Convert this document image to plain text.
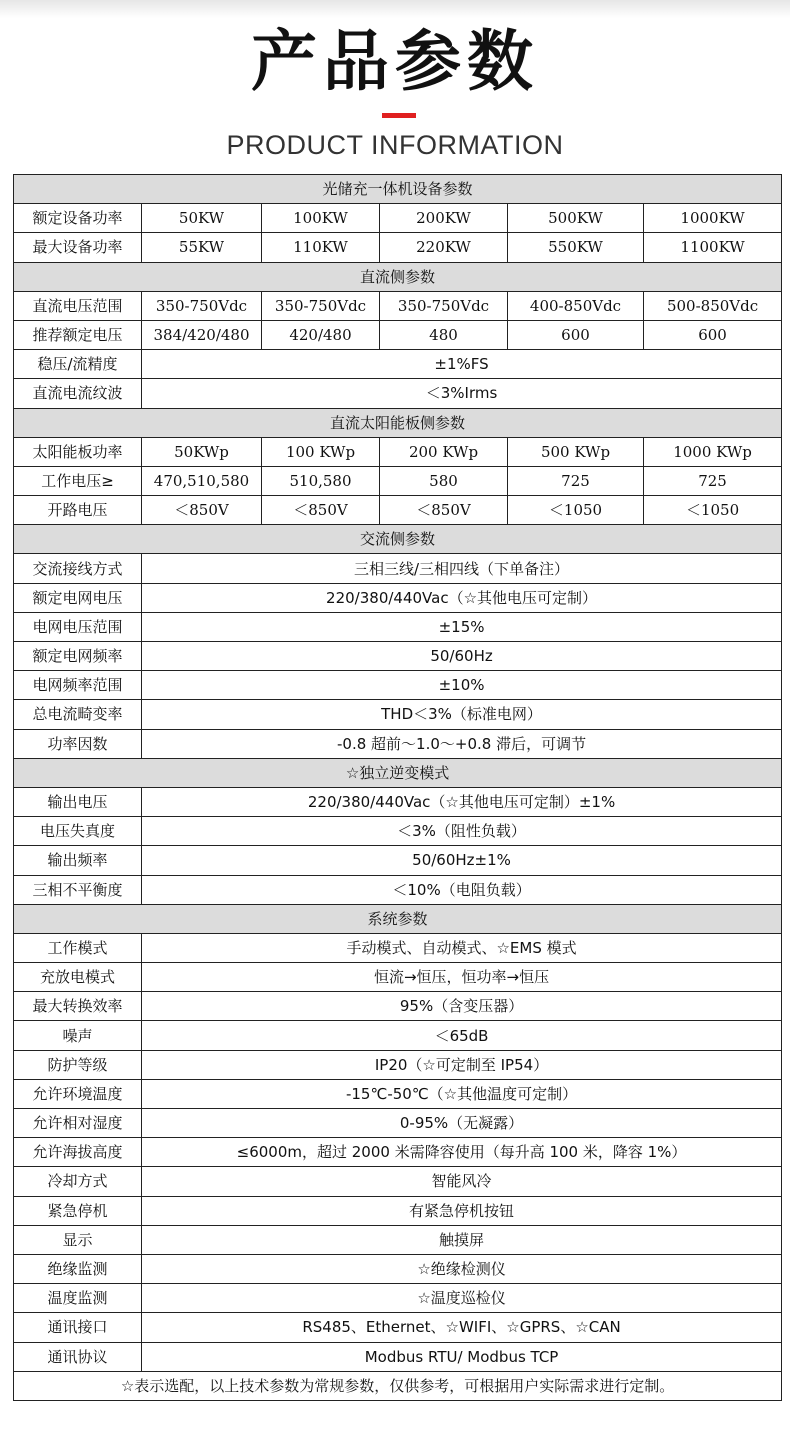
产品参数
PRODUCT INFORMATION
光储充一体机设备参数					
额定设备功率	50KW	100KW	200KW	500KW	1000KW
最大设备功率	55KW	110KW	220KW	550KW	1100KW
直流侧参数					
直流电压范围	350-750Vdc	350-750Vdc	350-750Vdc	400-850Vdc	500-850Vdc
推荐额定电压	384/420/480	420/480	480	600	600
稳压/流精度	±1%FS				
直流电流纹波	＜3%Irms				
直流太阳能板侧参数					
太阳能板功率	50KWp	100 KWp	200 KWp	500 KWp	1000 KWp
工作电压≥	470,510,580	510,580	580	725	725
开路电压	＜850V	＜850V	＜850V	＜1050	＜1050
交流侧参数					
交流接线方式	三相三线/三相四线（下单备注）				
额定电网电压	220/380/440Vac（☆其他电压可定制）				
电网电压范围	±15%				
额定电网频率	50/60Hz				
电网频率范围	±10%				
总电流畸变率	THD＜3%（标准电网）				
功率因数	-0.8 超前～1.0～+0.8 滞后，可调节				
☆独立逆变模式					
输出电压	220/380/440Vac（☆其他电压可定制）±1%				
电压失真度	＜3%（阻性负载）				
输出频率	50/60Hz±1%				
三相不平衡度	＜10%（电阻负载）				
系统参数					
工作模式	手动模式、自动模式、☆EMS 模式				
充放电模式	恒流→恒压，恒功率→恒压				
最大转换效率	95%（含变压器）				
噪声	＜65dB				
防护等级	IP20（☆可定制至 IP54）				
允许环境温度	-15℃-50℃（☆其他温度可定制）				
允许相对湿度	0-95%（无凝露）				
允许海拔高度	≤6000m，超过 2000 米需降容使用（每升高 100 米，降容 1%）				
冷却方式	智能风冷				
紧急停机	有紧急停机按钮				
显示	触摸屏				
绝缘监测	☆绝缘检测仪				
温度监测	☆温度巡检仪				
通讯接口	RS485、Ethernet、☆WIFI、☆GPRS、☆CAN				
通讯协议	Modbus RTU/ Modbus TCP				
☆表示选配，以上技术参数为常规参数，仅供参考，可根据用户实际需求进行定制。					
